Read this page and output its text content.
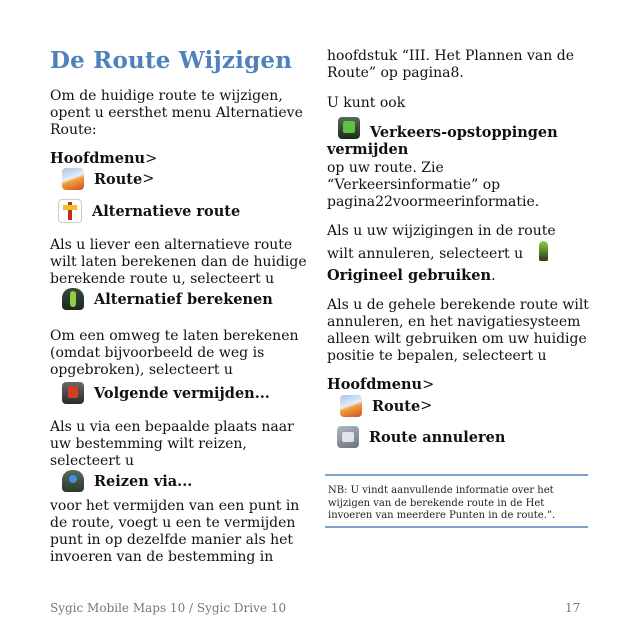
De Route Wijzigen

Om de huidige route te wijzigen, opent u eersthet menu Alternatieve Route:

Hoofdmenu >
Route >
Alternatieve route

Als u liever een alternatieve route wilt laten berekenen dan de huidige berekende route u, selecteert u

Alternatief berekenen

Om een omweg te laten berekenen (omdat bijvoorbeeld de weg is opgebroken), selecteert u

Volgende vermijden...

Als u via een bepaalde plaats naar uw bestemming wilt reizen, selecteert u

Reizen via...

voor het vermijden van een punt in de route, voegt u een te vermijden punt in op dezelfde manier als het invoeren van de bestemming in

hoofdstuk “III. Het Plannen van de Route” op pagina8.

U kunt ook

Verkeers-opstoppingen
vermijden

op uw route. Zie “Verkeersinformatie” op pagina22voormeerinformatie.

Als u uw wijzigingen in de route wilt annuleren, selecteert u

Origineel gebruiken .

Als u de gehele berekende route wilt annuleren, en het navigatiesysteem alleen wilt gebruiken om uw huidige positie te bepalen, selecteert u

Hoofdmenu >
Route >
Route annuleren
NB: U vindt aanvullende informatie over het wijzigen van de berekende route in de Het invoeren van meerdere Punten in de route.”.
Sygic Mobile Maps 10 / Sygic Drive 10	17
